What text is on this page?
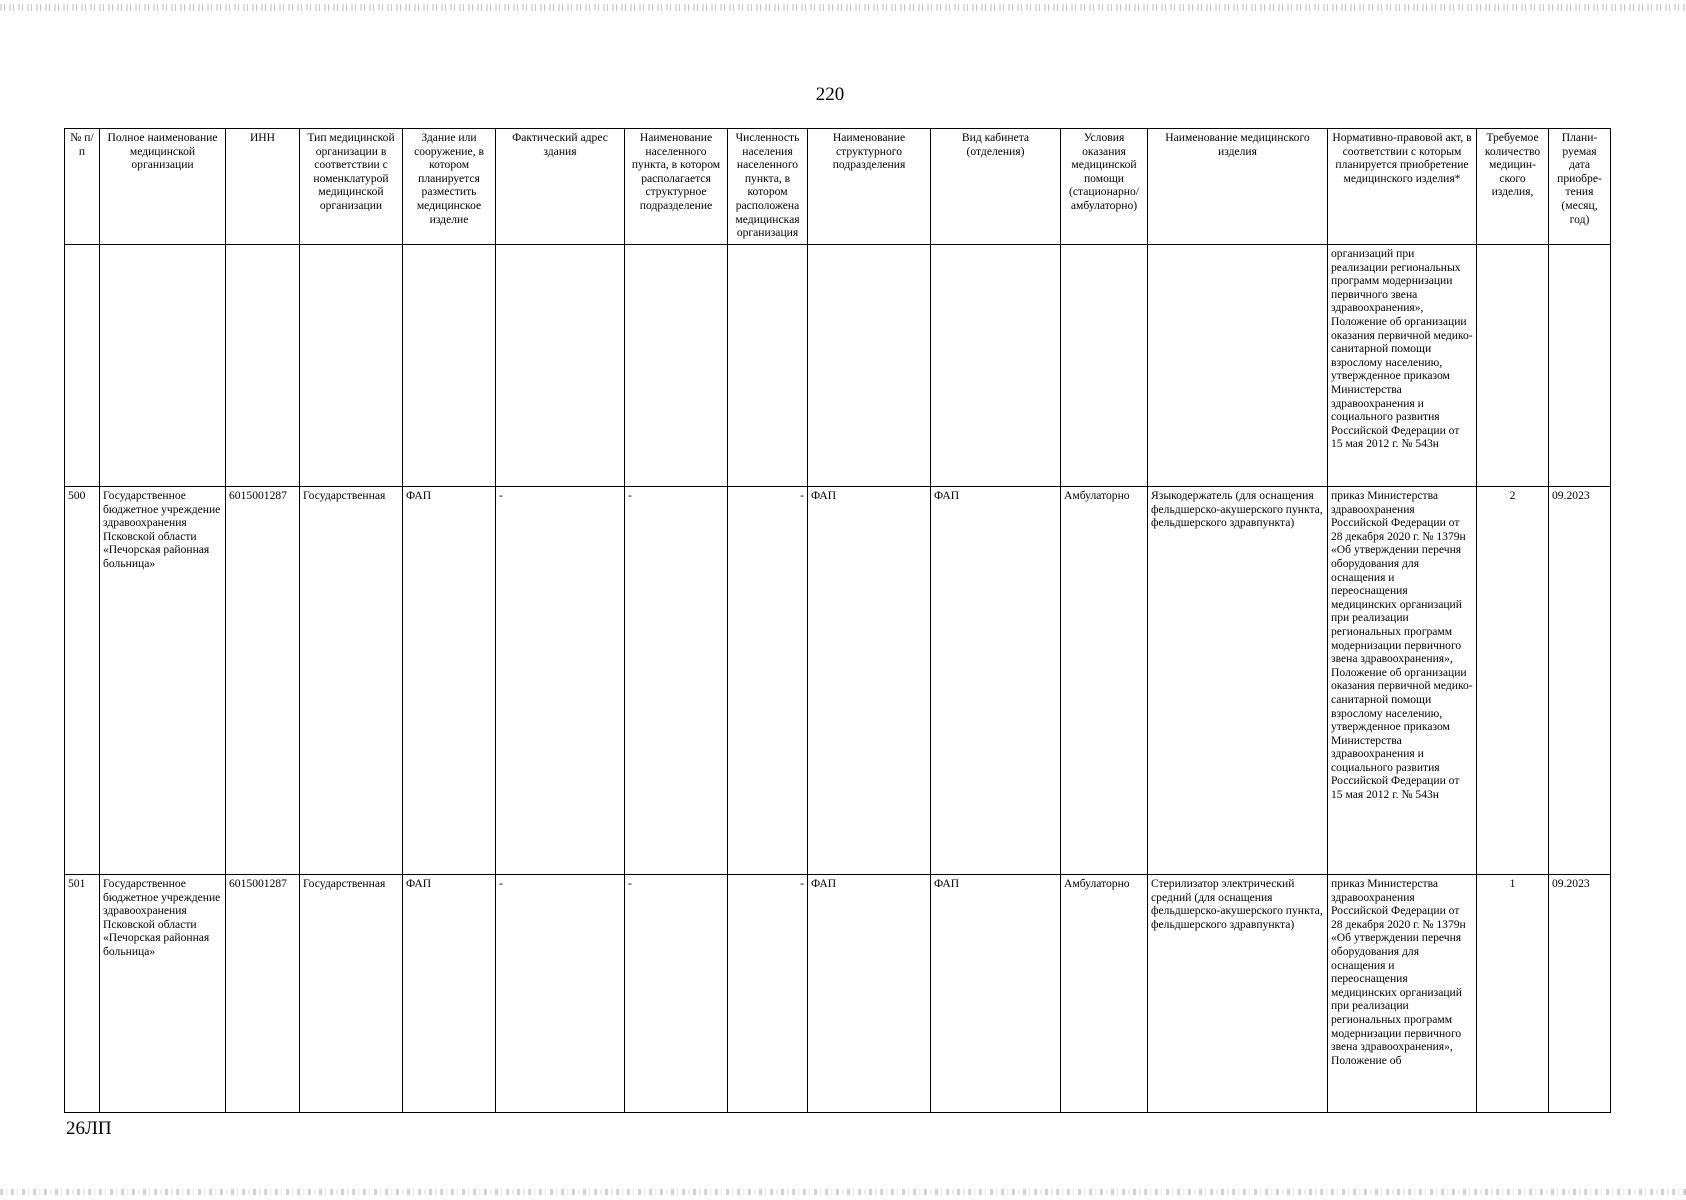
220
№ п/п	Полное наименование медицинской организации	ИНН	Тип медицинской организации в соответствии с номенклатурой медицинской организации	Здание или сооружение, в котором планируется разместить медицинское изделие	Фактический адрес здания	Наименование населенного пункта, в котором располагается структурное подразделение	Численность населения населенного пункта, в котором расположена медицинская организация	Наименование структурного подразделения	Вид кабинета (отделения)	Условия оказания медицинской помощи (стационарно/ амбулаторно)	Наименование медицинского изделия	Нормативно-правовой акт, в соответствии с которым планируется приобретение медицинского изделия*	Требуемое количество медицин-ского изделия,	Плани-руемая дата приобре-тения (месяц, год)
												организаций при реализации региональных программ модернизации первичного звена здравоохранения», Положение об организации оказания первичной медико-санитарной помощи взрослому населению, утвержденное приказом Министерства здравоохранения и социального развития Российской Федерации от 15 мая 2012 г. № 543н		
500	Государственное бюджетное учреждение здравоохранения Псковской области «Печорская районная больница»	6015001287	Государственная	ФАП	-	-	-	ФАП	ФАП	Амбулаторно	Языкодержатель (для оснащения фельдшерско-акушерского пункта, фельдшерского здравпункта)	приказ Министерства здравоохранения Российской Федерации от 28 декабря 2020 г. № 1379н «Об утверждении перечня оборудования для оснащения и переоснащения медицинских организаций при реализации региональных программ модернизации первичного звена здравоохранения», Положение об организации оказания первичной медико-санитарной помощи взрослому населению, утвержденное приказом Министерства здравоохранения и социального развития Российской Федерации от 15 мая 2012 г. № 543н	2	09.2023
501	Государственное бюджетное учреждение здравоохранения Псковской области «Печорская районная больница»	6015001287	Государственная	ФАП	-	-	-	ФАП	ФАП	Амбулаторно	Стерилизатор электрический средний (для оснащения фельдшерско-акушерского пункта, фельдшерского здравпункта)	приказ Министерства здравоохранения Российской Федерации от 28 декабря 2020 г. № 1379н «Об утверждении перечня оборудования для оснащения и переоснащения медицинских организаций при реализации региональных программ модернизации первичного звена здравоохранения», Положение об	1	09.2023
26ЛП
